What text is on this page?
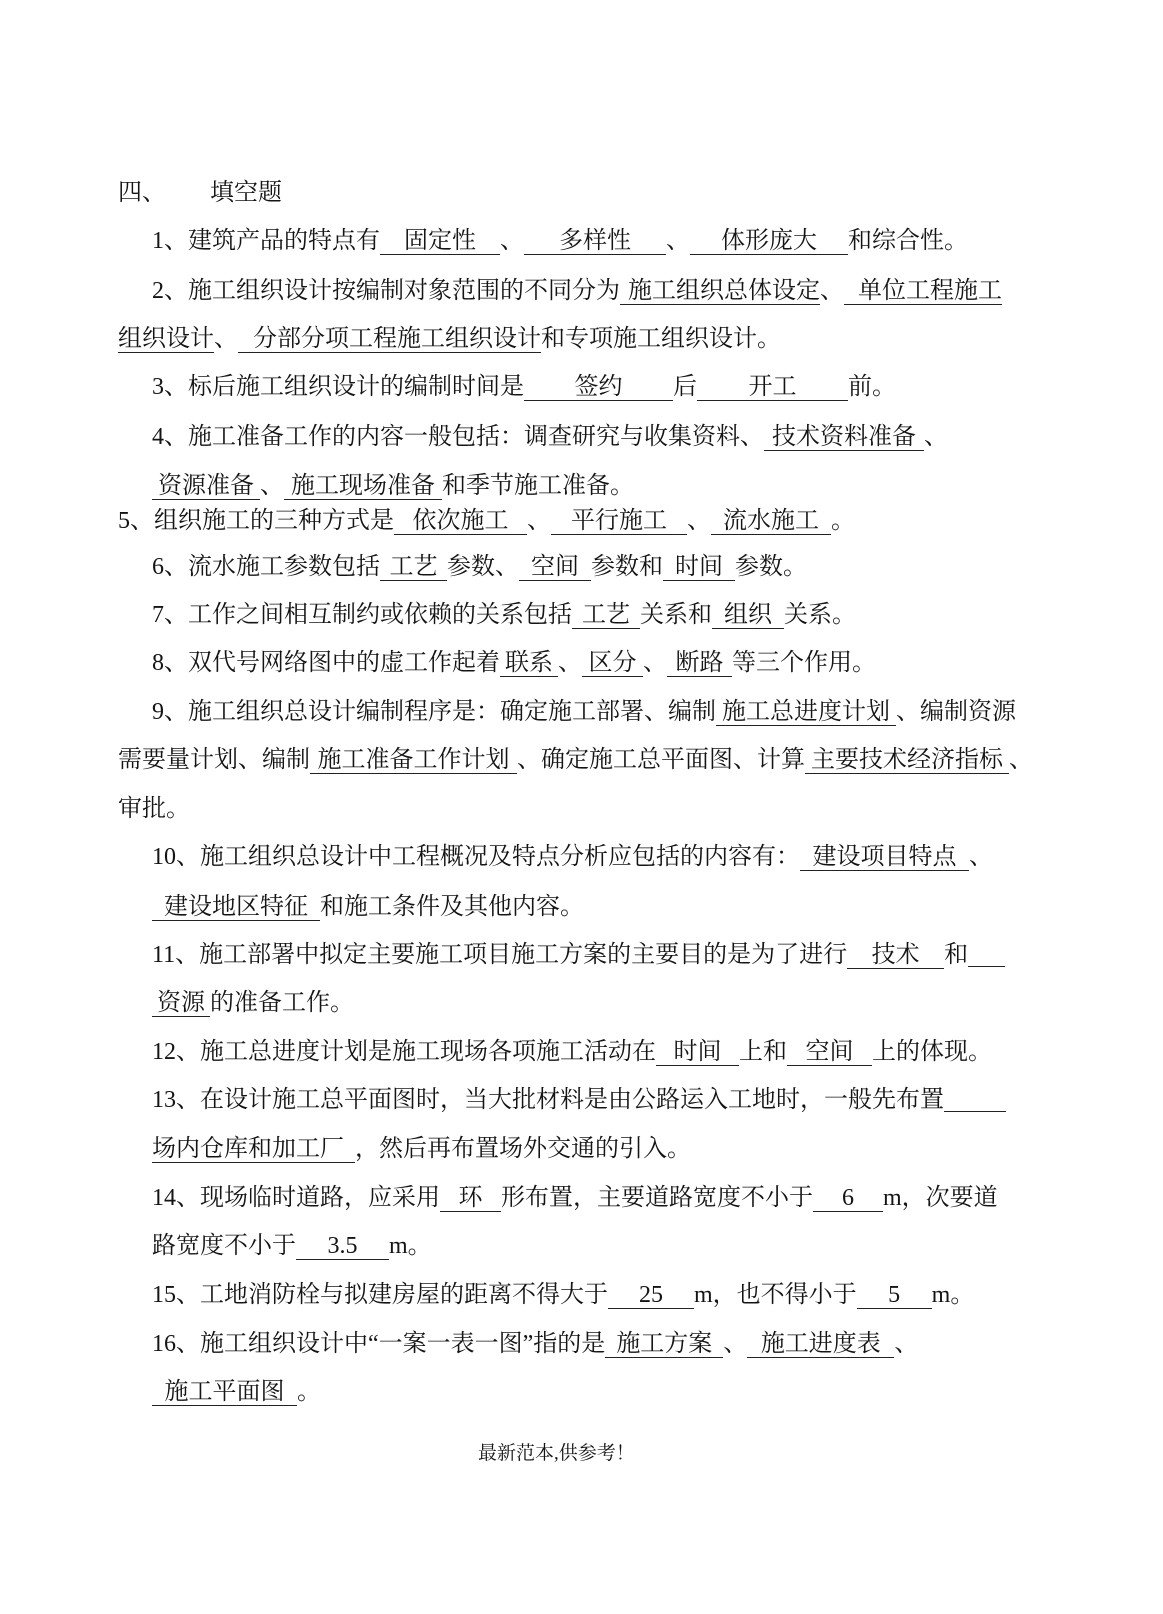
四、 填空题
1、建筑产品的特点有 固定性 、 多样性 、 体形庞大 和综合性。
2、施工组织设计按编制对象范围的不同分为 施工组织总体设定、 单位工程施工
组织设计、 分部分项工程施工组织设计和专项施工组织设计。
3、标后施工组织设计的编制时间是 签约 后 开工 前。
4、施工准备工作的内容一般包括：调查研究与收集资料、 技术资料准备 、
资源准备 、 施工现场准备 和季节施工准备。
5、组织施工的三种方式是 依次施工 、 平行施工 、 流水施工 。
6、流水施工参数包括 工艺 参数、 空间 参数和 时间 参数。
7、工作之间相互制约或依赖的关系包括 工艺 关系和 组织 关系。
8、双代号网络图中的虚工作起着 联系 、 区分 、 断路 等三个作用。
9、施工组织总设计编制程序是：确定施工部署、编制 施工总进度计划 、编制资源
需要量计划、编制 施工准备工作计划 、确定施工总平面图、计算 主要技术经济指标 、
审批。
10、施工组织总设计中工程概况及特点分析应包括的内容有： 建设项目特点 、
建设地区特征 和施工条件及其他内容。
11、施工部署中拟定主要施工项目施工方案的主要目的是为了进行 技术 和
资源 的准备工作。
12、施工总进度计划是施工现场各项施工活动在 时间 上和 空间 上的体现。
13、在设计施工总平面图时，当大批材料是由公路运入工地时，一般先布置
场内仓库和加工厂 ，然后再布置场外交通的引入。
14、现场临时道路，应采用 环 形布置，主要道路宽度不小于 6 m，次要道
路宽度不小于 3.5 m。
15、工地消防栓与拟建房屋的距离不得大于 25 m，也不得小于 5 m。
16、施工组织设计中“一案一表一图”指的是 施工方案 、 施工进度表 、
施工平面图 。
最新范本,供参考！
